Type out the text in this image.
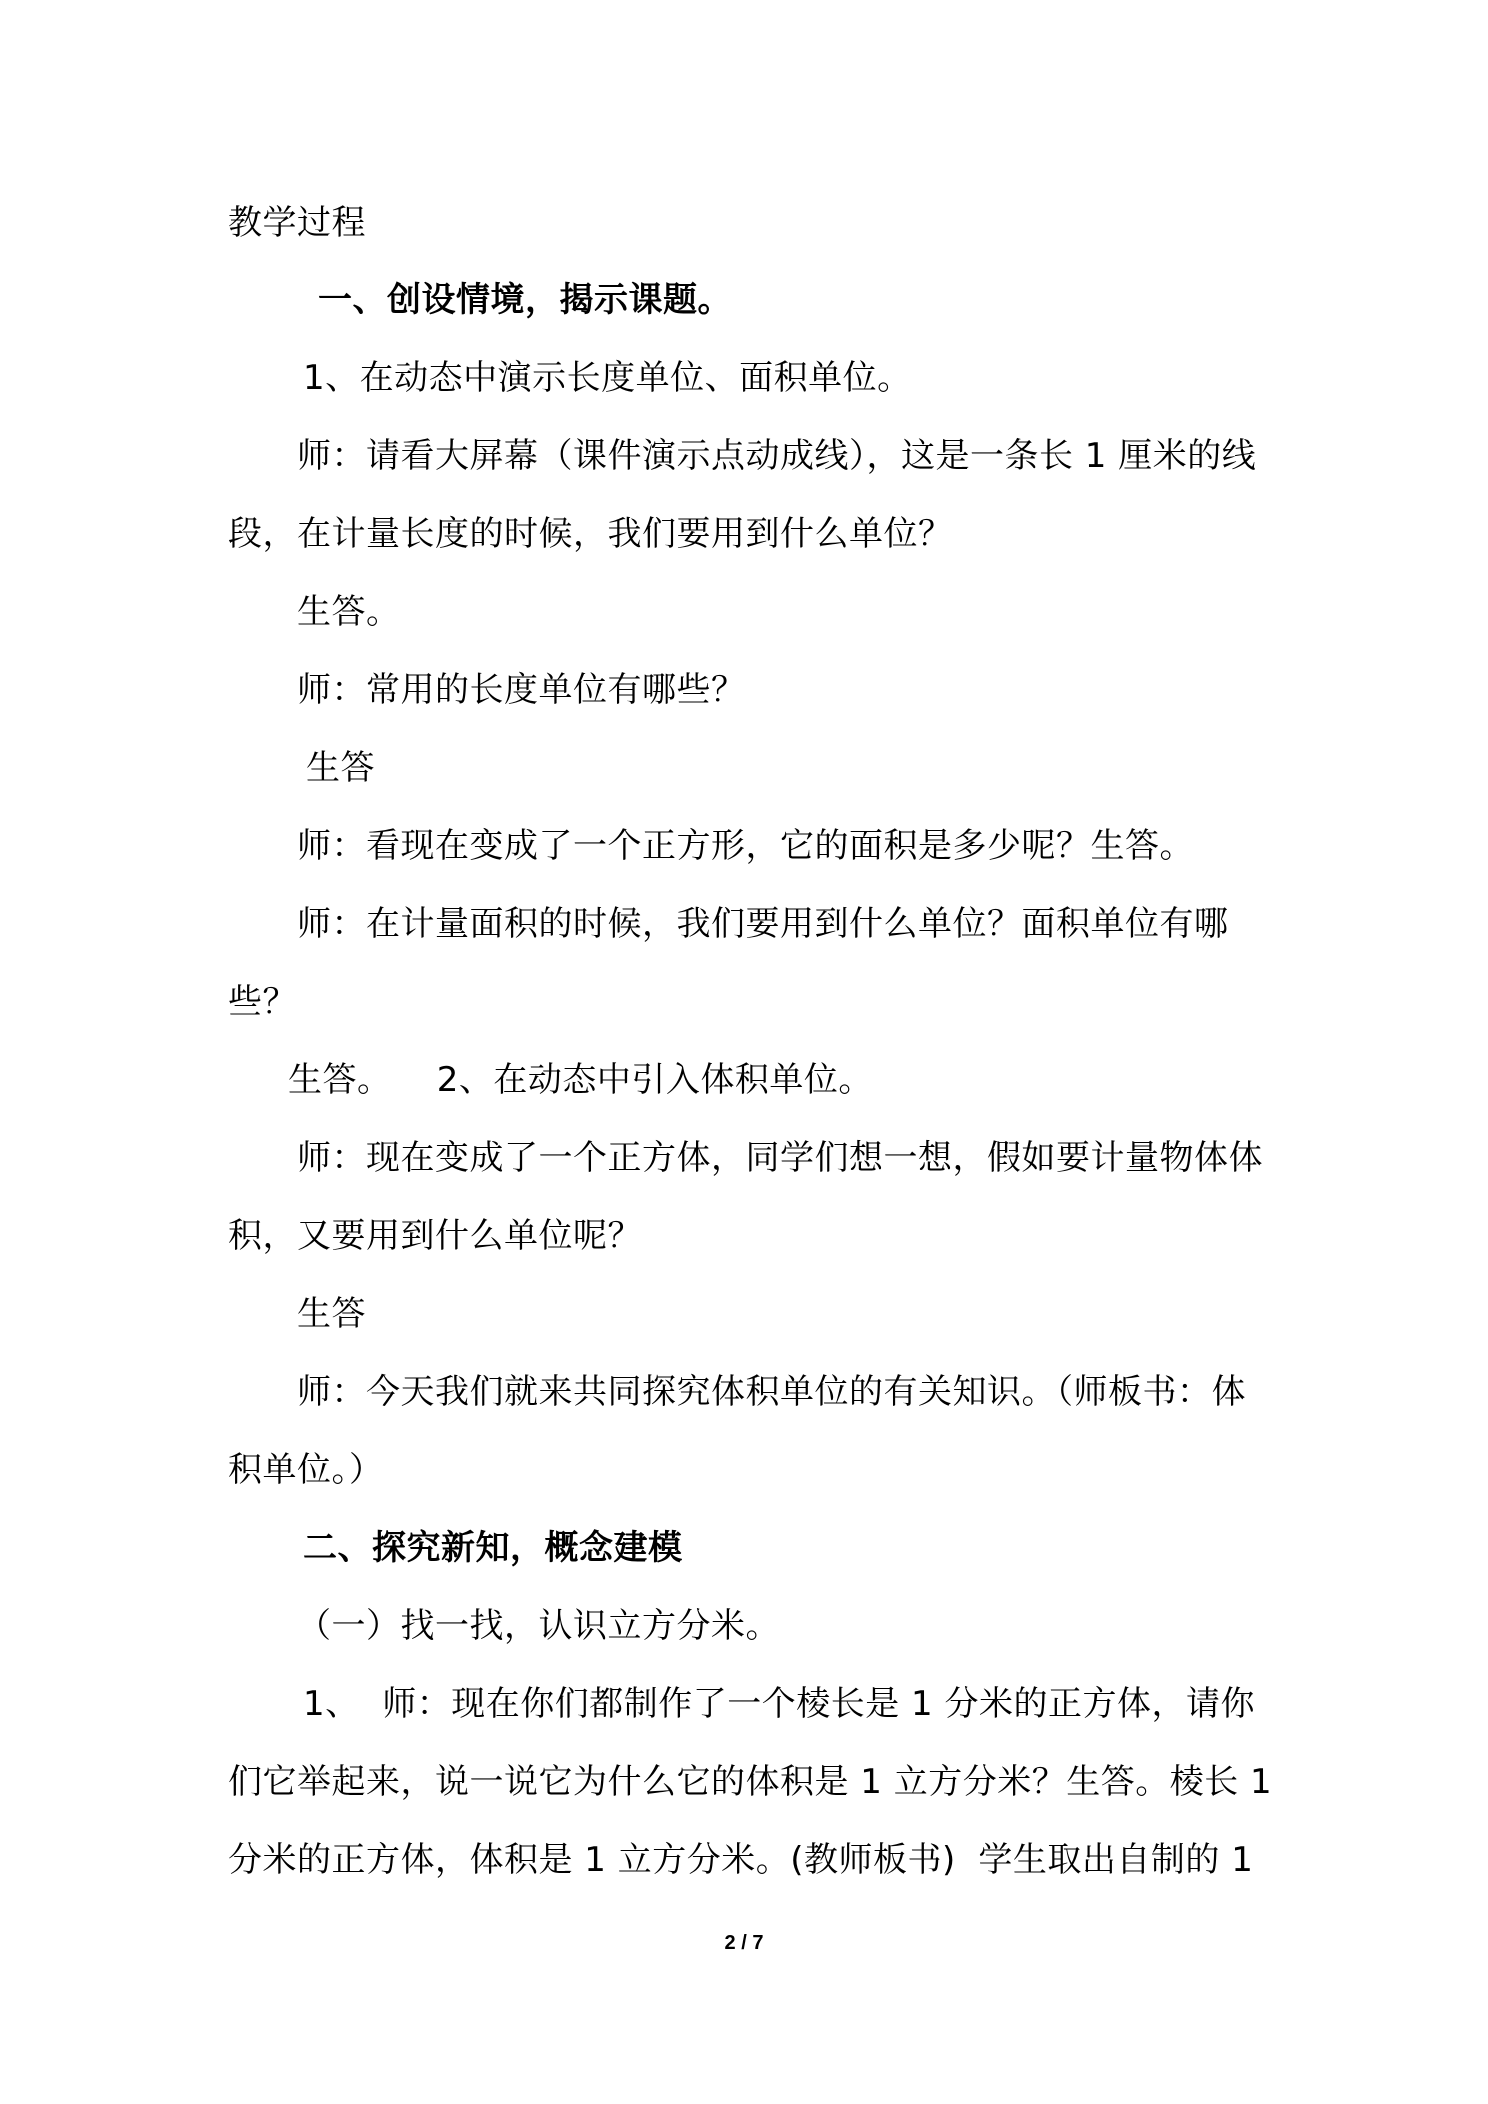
教学过程
一、创设情境，揭示课题。
1、在动态中演示长度单位、面积单位。
师：请看大屏幕（课件演示点动成线），这是一条长 1 厘米的线
段，在计量长度的时候，我们要用到什么单位？
生答。
师：常用的长度单位有哪些？
生答
师：看现在变成了一个正方形，它的面积是多少呢？生答。
师：在计量面积的时候，我们要用到什么单位？面积单位有哪
些？
生答。    2、在动态中引入体积单位。
师：现在变成了一个正方体，同学们想一想，假如要计量物体体
积，又要用到什么单位呢？
生答
师：今天我们就来共同探究体积单位的有关知识。（师板书：体
积单位。）
二、探究新知，概念建模
（一）找一找，认识立方分米。
1、  师：现在你们都制作了一个棱长是 1 分米的正方体，请你
们它举起来，说一说它为什么它的体积是 1 立方分米？生答。棱长 1
分米的正方体，体积是 1 立方分米。(教师板书)  学生取出自制的 1
2 / 7
